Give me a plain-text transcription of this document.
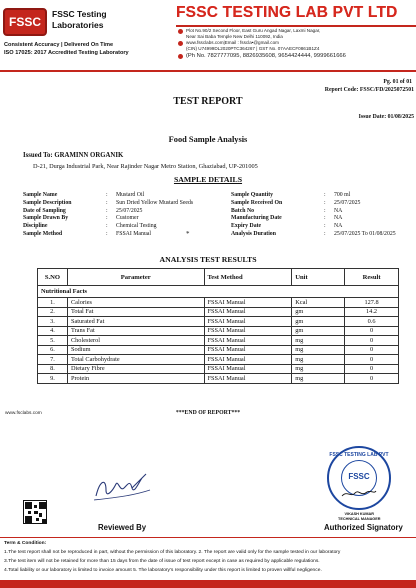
FSSC
FSSC Testing
Laboratories
Consistent Accuracy | Delivered On Time
ISO 17025: 2017 Accredited Testing Laboratory
FSSC TESTING LAB PVT LTD
Plot No.90/2 Second Floor, East Guru Angad Nagar, Laxmi Nagar,
Near Sai Baba Temple New Delhi 110092, India
www.fssclabs.com|Email : fsscla•@gmail.com
(CIN) U74999DL2020PTC364267 | GST No. 07AAECF0861B1Z4
(Ph No. 7827777095, 8826935608, 9654424444, 9999661666
Pg. 01 of 01
Report Code: FSSC/FD/2025072501
TEST REPORT
Issue Date: 01/08/2025
Food Sample Analysis
Issued To: GRAMINN ORGANIK
D-21, Durga Industrial Park, Near Rajinder Nagar Metro Station, Ghaziabad, UP-201005
SAMPLE DETAILS
Sample Name	:	Mustard Oil
Sample Description	:	Sun Dried Yellow Mustard Seeds
Date of Sampling	:	25/07/2025
Sample Drawn By	:	Customer
Discipline	:	Chemical Testing
Sample Method	:	FSSAI Manual
Sample Quantity	:	700 ml
Sample Received On	:	25/07/2025
Batch No	:	NA
Manufacturing Date	:	NA
Expiry Date	:	NA
Analysis Duration	:	25/07/2025 To 01/08/2025
*
ANALYSIS TEST RESULTS
S.NO	Parameter	Test Method	Unit	Result
Nutritional Facts				
1.	Calories	FSSAI Manual	Kcal	127.8
2.	Total Fat	FSSAI Manual	gm	14.2
3.	Saturated Fat	FSSAI Manual	gm	0.6
4.	Trans Fat	FSSAI Manual	gm	0
5.	Cholesterol	FSSAI Manual	mg	0
6.	Sodium	FSSAI Manual	mg	0
7.	Total Carbohydrate	FSSAI Manual	mg	0
8.	Dietary Fibre	FSSAI Manual	mg	0
9.	Protein	FSSAI Manual	mg	0
www.fsclabs.com	***END OF REPORT***
Reviewed By
FSSC TESTING LAB PVT
FSSC
VIKASH KUMAR
TECHNICAL MANAGER
Authorized Signatory
Term & Condition:
1.The test report shall not be reproduced in part, without the permission of this laboratory. 2. The report are valid only for the sample tested in our laboratory
3.The test item will not be retained for more than 15 days from the date of issue of test report except in case as required by applicable regulations.
4.Total liability or our laboratory is limited to invoice amount 5. The laboratory's responsibility under this report is limited to proven willful negligence.
